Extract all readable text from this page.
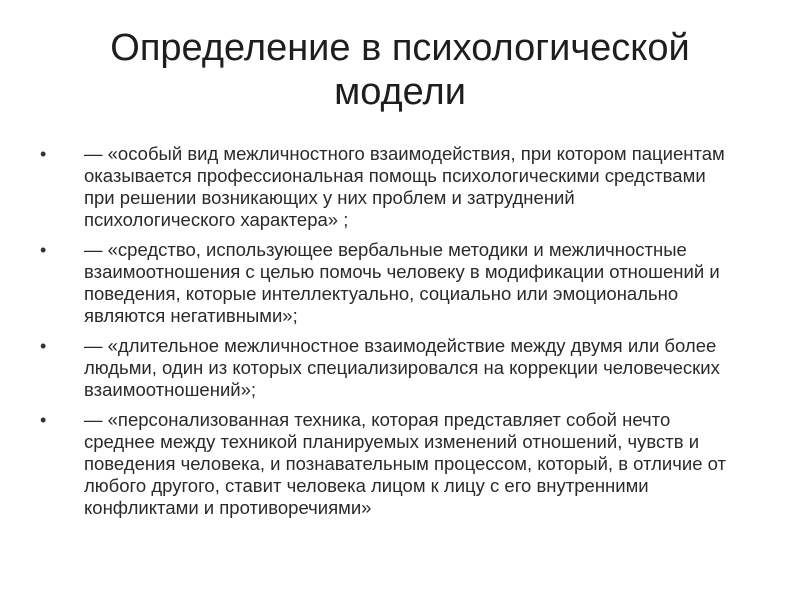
Определение в психологической модели
•	— «особый вид межличностного взаимодействия, при котором пациентам оказывается профессиональная помощь психологическими средствами при решении возникающих у них проблем и затруднений психологического характера» ;
•	— «средство, использующее вербальные методики и межличностные взаимоотношения с целью помочь человеку в модификации отношений и поведения, которые интеллектуально, социально или эмоционально являются негативными»;
•	— «длительное межличностное взаимодействие между двумя или более людьми, один из которых специализировался на коррекции человеческих взаимоотношений»;
•	— «персонализованная техника, которая представляет собой нечто среднее между техникой планируемых изменений отношений, чувств и поведения человека, и познавательным процессом, который, в отличие от любого другого, ставит человека лицом к лицу с его внутренними конфликтами и противоречиями»
